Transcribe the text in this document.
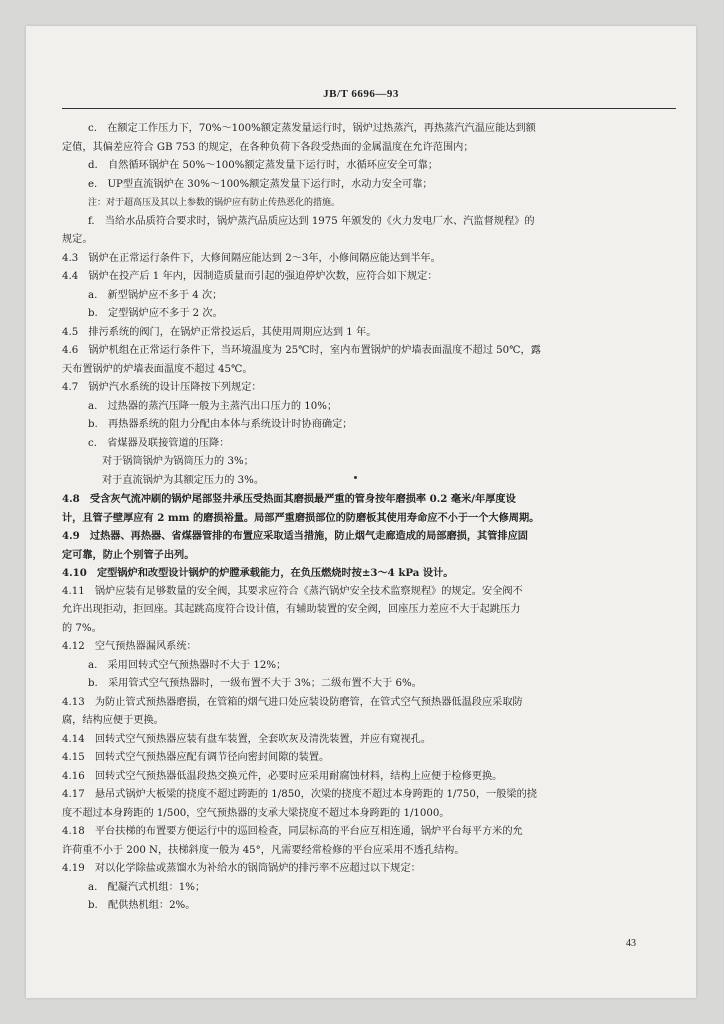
JB/T 6696—93
c.　在额定工作压力下，70%～100%额定蒸发量运行时，锅炉过热蒸汽，再热蒸汽汽温应能达到额
定值，其偏差应符合 GB 753 的规定，在各种负荷下各段受热面的金属温度在允许范围内；
d.　自然循环锅炉在 50%～100%额定蒸发量下运行时，水循环应安全可靠；
e.　UP型直流锅炉在 30%～100%额定蒸发量下运行时，水动力安全可靠；
注：对于超高压及其以上参数的锅炉应有防止传热恶化的措施。
f.　当给水品质符合要求时，锅炉蒸汽品质应达到 1975 年颁发的《火力发电厂水、汽监督规程》的
规定。
4.3　锅炉在正常运行条件下，大修间隔应能达到 2～3年，小修间隔应能达到半年。
4.4　锅炉在投产后 1 年内，因制造质量而引起的强迫停炉次数，应符合如下规定：
a.　新型锅炉应不多于 4 次；
b.　定型锅炉应不多于 2 次。
4.5　排污系统的阀门，在锅炉正常投运后，其使用周期应达到 1 年。
4.6　锅炉机组在正常运行条件下，当环境温度为 25℃时，室内布置锅炉的炉墙表面温度不超过 50℃，露
天布置锅炉的炉墙表面温度不超过 45℃。
4.7　锅炉汽水系统的设计压降按下列规定：
a.　过热器的蒸汽压降一般为主蒸汽出口压力的 10%；
b.　再热器系统的阻力分配由本体与系统设计时协商确定；
c.　省煤器及联接管道的压降：
对于锅筒锅炉为锅筒压力的 3%；
对于直流锅炉为其额定压力的 3%。
4.8　受含灰气流冲刷的锅炉尾部竖井承压受热面其磨损最严重的管身按年磨损率 0.2 毫米/年厚度设
计，且管子壁厚应有 2 mm 的磨损裕量。局部严重磨损部位的防磨板其使用寿命应不小于一个大修周期。
4.9　过热器、再热器、省煤器管排的布置应采取适当措施，防止烟气走廊造成的局部磨损，其管排应固
定可靠，防止个别管子出列。
4.10　定型锅炉和改型设计锅炉的炉膛承载能力，在负压燃烧时按±3～4 kPa 设计。
4.11　锅炉应装有足够数量的安全阀，其要求应符合《蒸汽锅炉安全技术监察规程》的规定。安全阀不
允许出现拒动，拒回座。其起跳高度符合设计值，有辅助装置的安全阀，回座压力差应不大于起跳压力
的 7%。
4.12　空气预热器漏风系统：
a.　采用回转式空气预热器时不大于 12%；
b.　采用管式空气预热器时，一级布置不大于 3%；二级布置不大于 6%。
4.13　为防止管式预热器磨损，在管箱的烟气进口处应装设防磨管，在管式空气预热器低温段应采取防
腐，结构应便于更换。
4.14　回转式空气预热器应装有盘车装置，全套吹灰及清洗装置，并应有窥视孔。
4.15　回转式空气预热器应配有调节径向密封间隙的装置。
4.16　回转式空气预热器低温段热交换元件，必要时应采用耐腐蚀材料，结构上应便于检修更换。
4.17　悬吊式锅炉大板梁的挠度不超过跨距的 1/850，次梁的挠度不超过本身跨距的 1/750，一般梁的挠
度不超过本身跨距的 1/500，空气预热器的支承大梁挠度不超过本身跨距的 1/1000。
4.18　平台扶梯的布置要方便运行中的巡回检查，同层标高的平台应互相连通，锅炉平台每平方米的允
许荷重不小于 200 N，扶梯斜度一般为 45°，凡需要经常检修的平台应采用不透孔结构。
4.19　对以化学除盐或蒸馏水为补给水的锅筒锅炉的排污率不应超过以下规定：
a.　配凝汽式机组：1%；
b.　配供热机组：2%。
43
